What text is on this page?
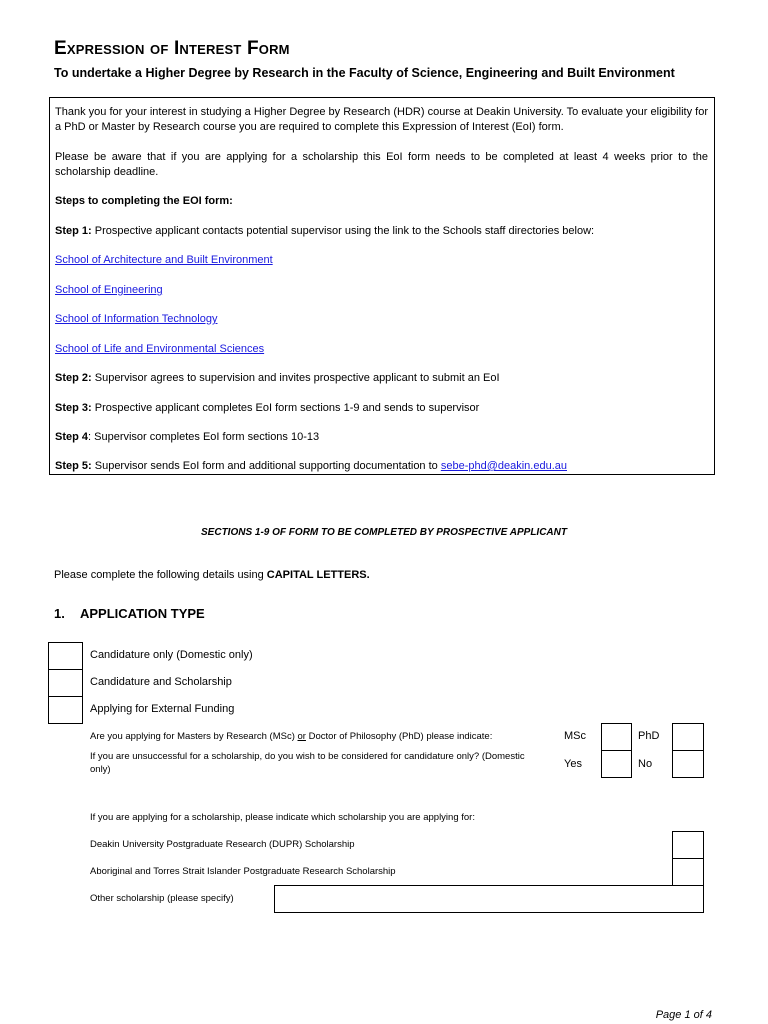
Expression of Interest Form
To undertake a Higher Degree by Research in the Faculty of Science, Engineering and Built Environment
Thank you for your interest in studying a Higher Degree by Research (HDR) course at Deakin University. To evaluate your eligibility for a PhD or Master by Research course you are required to complete this Expression of Interest (EoI) form.
Please be aware that if you are applying for a scholarship this EoI form needs to be completed at least 4 weeks prior to the scholarship deadline.
Steps to completing the EOI form:
Step 1: Prospective applicant contacts potential supervisor using the link to the Schools staff directories below:
School of Architecture and Built Environment
School of Engineering
School of Information Technology
School of Life and Environmental Sciences
Step 2: Supervisor agrees to supervision and invites prospective applicant to submit an EoI
Step 3: Prospective applicant completes EoI form sections 1-9 and sends to supervisor
Step 4: Supervisor completes EoI form sections 10-13
Step 5: Supervisor sends EoI form and additional supporting documentation to sebe-phd@deakin.edu.au
SECTIONS 1-9 OF FORM TO BE COMPLETED BY PROSPECTIVE APPLICANT
Please complete the following details using CAPITAL LETTERS.
1. APPLICATION TYPE
Candidature only (Domestic only)
Candidature and Scholarship
Applying for External Funding
Are you applying for Masters by Research (MSc) or Doctor of Philosophy (PhD) please indicate:
If you are unsuccessful for a scholarship, do you wish to be considered for candidature only? (Domestic only)
MSc
Yes
PhD
No
If you are applying for a scholarship, please indicate which scholarship you are applying for:
Deakin University Postgraduate Research (DUPR) Scholarship
Aboriginal and Torres Strait Islander Postgraduate Research Scholarship
Other scholarship (please specify)
Page 1 of 4
